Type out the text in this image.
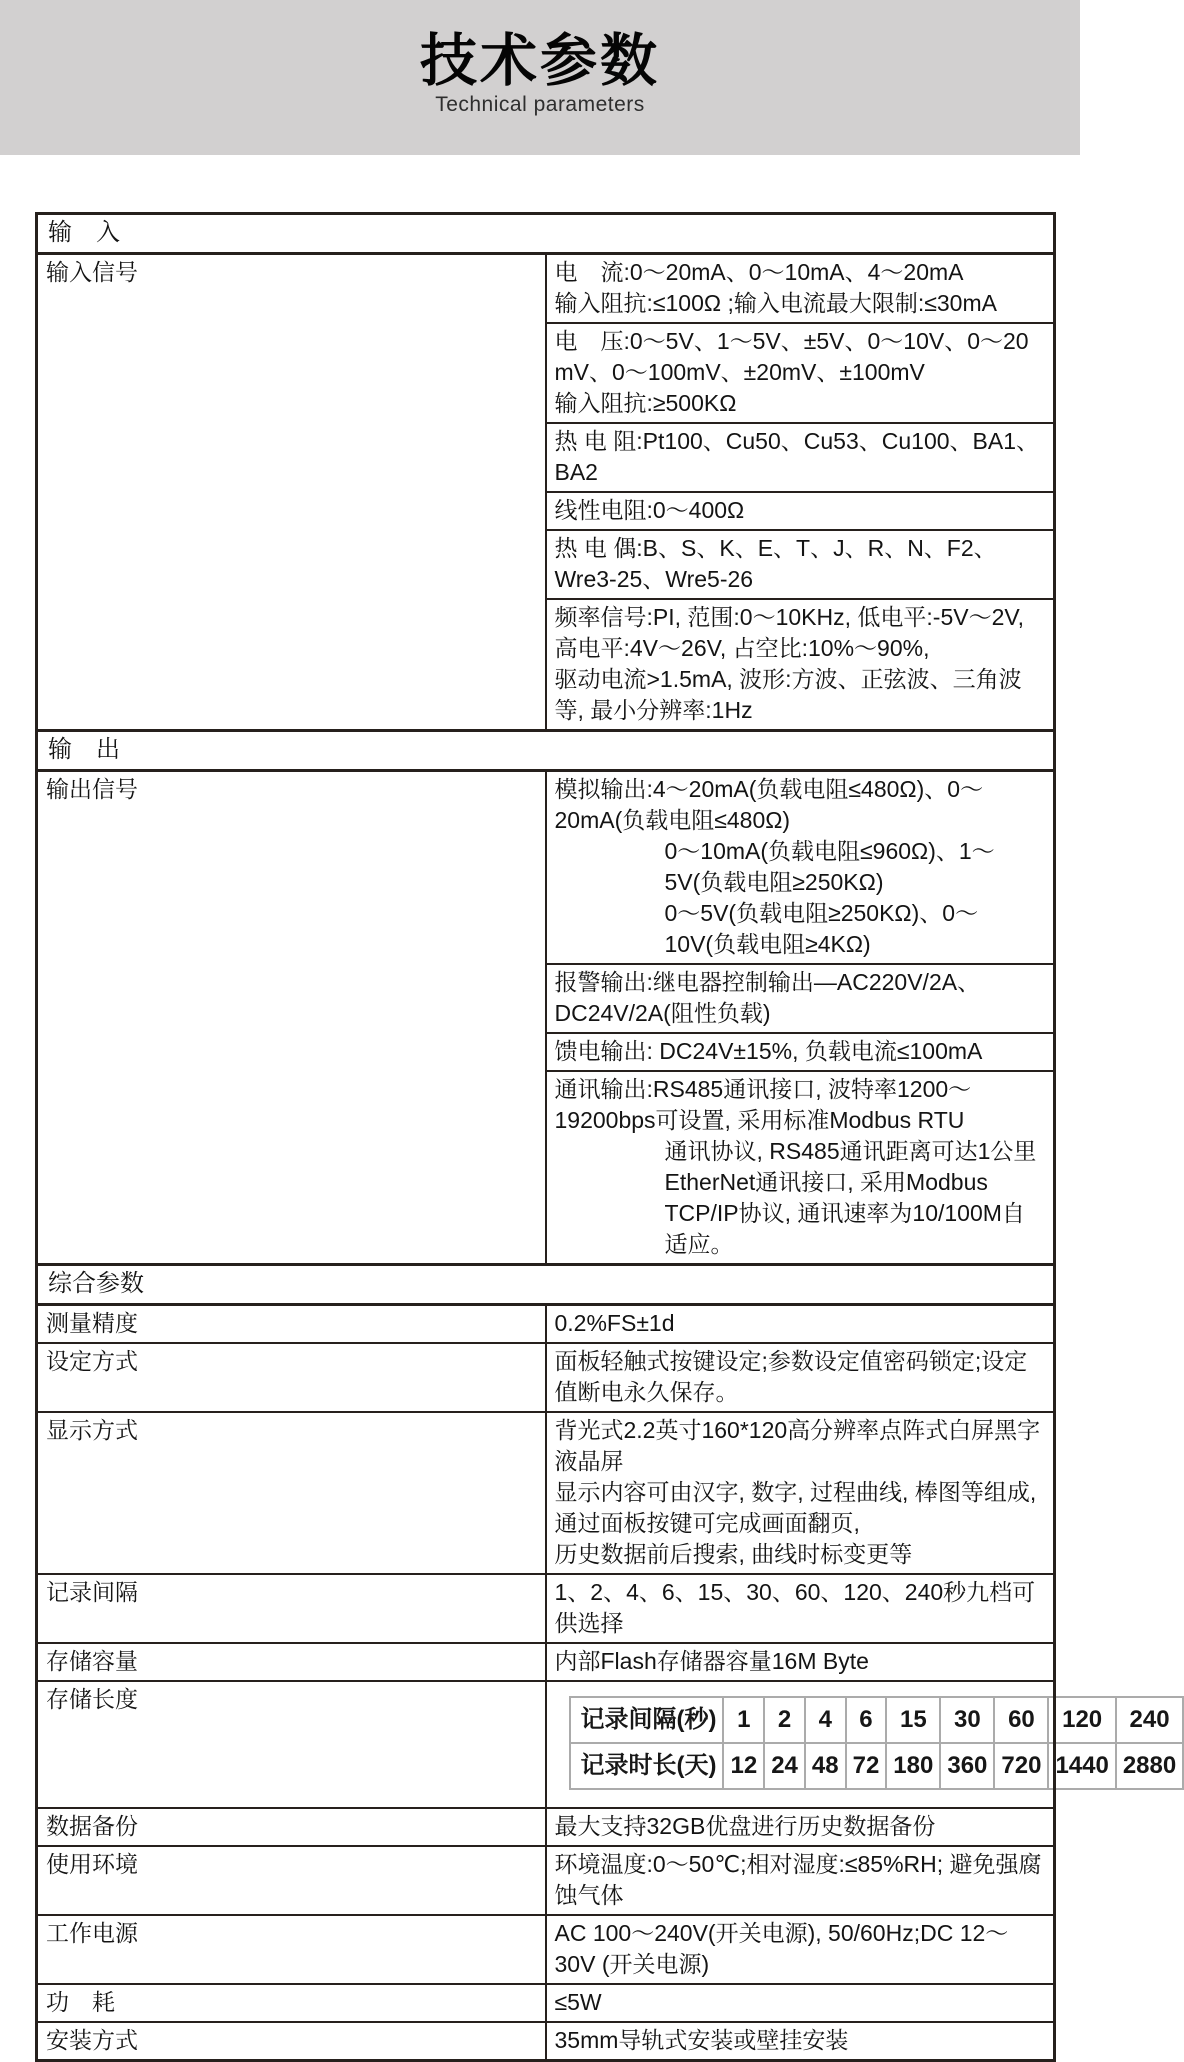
技术参数
Technical parameters
输　入
输入信号	电　流:0～20mA、0～10mA、4～20mA
输入阻抗:≤100Ω ;输入电流最大限制:≤30mA

电　压:0～5V、1～5V、±5V、0～10V、0～20 mV、0～100mV、±20mV、±100mV
输入阻抗:≥500KΩ

热 电 阻:Pt100、Cu50、Cu53、Cu100、BA1、BA2
线性电阻:0～400Ω
热 电 偶:B、S、K、E、T、J、R、N、F2、Wre3-25、Wre5-26

频率信号:PI, 范围:0～10KHz, 低电平:-5V～2V, 高电平:4V～26V, 占空比:10%～90%,
驱动电流>1.5mA, 波形:方波、正弦波、三角波等, 最小分辨率:1Hz

输　出
输出信号	模拟输出:4～20mA(负载电阻≤480Ω)、0～20mA(负载电阻≤480Ω)
0～10mA(负载电阻≤960Ω)、1～5V(负载电阻≥250KΩ)
0～5V(负载电阻≥250KΩ)、0～10V(负载电阻≥4KΩ)

报警输出:继电器控制输出—AC220V/2A、DC24V/2A(阻性负载)
馈电输出: DC24V±15%, 负载电流≤100mA

通讯输出:RS485通讯接口, 波特率1200～19200bps可设置, 采用标准Modbus RTU
通讯协议, RS485通讯距离可达1公里
EtherNet通讯接口, 采用Modbus TCP/IP协议, 通讯速率为10/100M自适应。

综合参数
测量精度	0.2%FS±1d
设定方式	面板轻触式按键设定;参数设定值密码锁定;设定值断电永久保存。
显示方式	背光式2.2英寸160*120高分辨率点阵式白屏黑字液晶屏
显示内容可由汉字, 数字, 过程曲线, 棒图等组成, 通过面板按键可完成画面翻页,
历史数据前后搜索, 曲线时标变更等

记录间隔	1、2、4、6、15、30、60、120、240秒九档可供选择
存储容量	内部Flash存储器容量16M Byte
存储长度	
记录间隔(秒)	1	2	4	6	15	30	60	120	240
记录时长(天)	12	24	48	72	180	360	720	1440	2880

数据备份	最大支持32GB优盘进行历史数据备份
使用环境	环境温度:0～50℃;相对湿度:≤85%RH; 避免强腐蚀气体
工作电源	AC 100～240V(开关电源), 50/60Hz;DC 12～30V (开关电源)
功　耗	≤5W
安装方式	35mm导轨式安装或壁挂安装
